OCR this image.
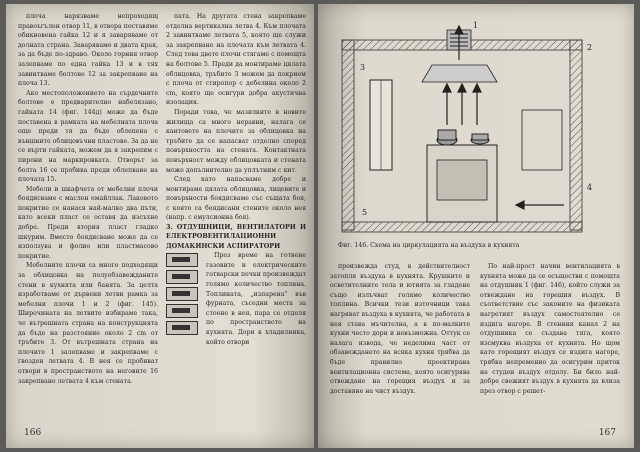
плоча нарязваме непроходящ правоъгълен отвор 11, в отвора поставяме обикновена гайка 12 и я заваряваме от долната страна. Заваряваме и двата края, за да бъде по-здраво. Около горния отвор залепваме по една гайка 13 и в тях завинтваме болтове 12 за закрепване на плоча 13.

Ако местоположението на сърдечните болтове е предварително набелязано, гайката 14 (фиг. 144д) може да бъде поставена в рамката на мебелната плоча още преди тя да бъде облепена с външните облицовъчни пластове. За да не се върти гайката, можем да я закрепим с пирони на маркировката. Отворът за болта 16 се пробива преди облепване на плочата 15.

Мебели и шкафчета от мебелни плочи боядисваме с маслен емайллак. Лаковото покритие се нанася най-малко два пъти, като всеки пласт се оставя да изсъхне добре. Преди втория пласт гладко шкурим. Вместо боядисване може да се използува и фолио или пластмасово покритие.

Мебелните плочи са много подходящи за облицовка на полуобзавежданите стени в кухнята или банята. За целта изработваме от дървени летви рамка за мебелни плочи 1 и 2 (фиг. 145). Широчината на летвите избираме така, че вътрешната страна на конструкцията да бъде на разстояние около 2 cm от тръбите 3. От вътрешната страна на плочите 1 залепваме и закрепваме с гвоздеи летвата 4. В нея се пробиват отвори в пространството на неговите 16 закрепване летвата 4 към стената.

пата. На другата стена закрепваме отделна вертикална летва 4. Към плочата 2 завинтваме летвата 5, която ще служи за закрепване на плочата към летвата 4. След това двете плочи стягаме с помощта на болтове 5. Преди да монтираме цялата облицовка, тръбите 3 можем да покрием с плоча от стиропор с дебелина около 2 cm, която ще осигури добра акустична изолация.

Поради това, че мазилките в новите жилища са много неравни, налага се кантовете на плочите за облицовка на тръбите да се напасват отделно според повърхността на стената. Контактната повърхност между облицовката и стената може допълнително да уплътним с кит.

След като напасваме добре и монтираме цялата облицовка, лицевите и повърхности боядисваме със същата боя, с която са боядисани стените около нея (напр. с емулсионна боя).

3. ОТДУШНИЦИ, ВЕНТИЛАТОРИ И ЕЛЕКТРОВЕНТИЛАЦИОННИ ДОМАКИНСКИ АСПИРАТОРИ

През време на готвене газовите и електрическите готварски печки произвеждат голямо количество топлина. Топлината, „изпарена“ във фурната, съседни места за стоене в нея, пара се отделя по пространството на кухнята. Дори в хладилника, който отвори

166
1
2
3
4
5
Фиг. 146. Схема на циркулацията на въздуха в кухнята

произвежда студ, в действителност затопля въздуха в кухнята. Крушките и осветителните тела и ютията за гладене също излъчват голямо количество топлина. Всички тези източници така нагряват въздуха в кухнята, че работата в нея става мъчителна, а в по-малките кухни често дори и невъзможна. Оттук се налага извода, че неделима част от обзавеждането на всяка кухня трябва да бъде правилно проектирана вентилационна система, която осигурява отвеждане на горещия въздух и за доставяне на чист въздух.

По най-прост начин вентилацията в кухнята може да се осъществи с помощта на отдушник 1 (фиг. 146), който служи за отвеждане на горещия въздух. В съответствие със законите на физиката нагретият въздух самостоятелно се издига нагоре. В стенния канал 2 на отдушника се създава тяга, която изсмуква въздуха от кухнята. Но щом като горещият въздух се издига нагоре, трябва непременно да осигурим приток на студен въздух отдолу. Би било най-добре свежият въздух в кухнята да влиза през отвор с решет-

167
